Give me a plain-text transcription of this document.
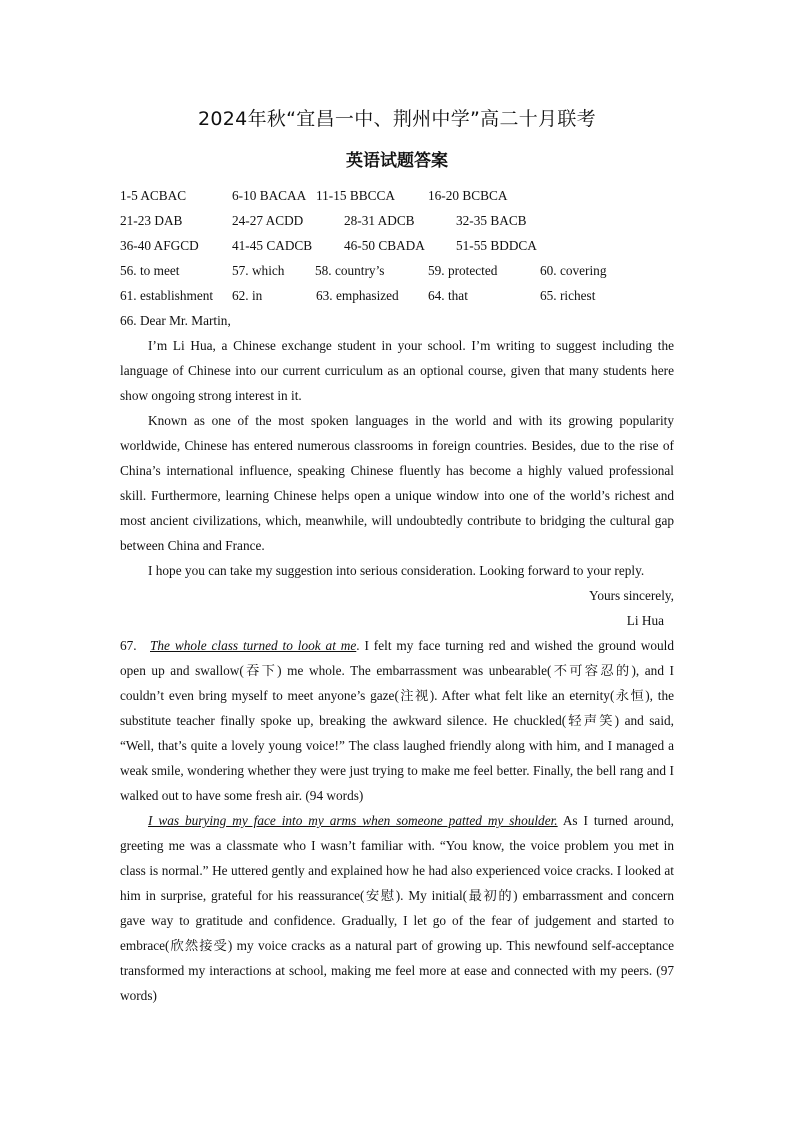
2024年秋“宜昌一中、荆州中学”高二十月联考
英语试题答案
1-5 ACBAC	6-10 BACAA 11-15 BBCCA 16-20 BCBCA
21-23 DAB	24-27 ACDD	28-31 ADCB	32-35 BACB
36-40 AFGCD	41-45 CADCB 46-50 CBADA 51-55 BDDCA
56. to meet	57. which 58. country’s	59. protected	60. covering
61. establishment 62. in	63. emphasized 64. that	65. richest

66. Dear Mr. Martin,

I’m Li Hua, a Chinese exchange student in your school. I’m writing to suggest including the language of Chinese into our current curriculum as an optional course, given that many students here show ongoing strong interest in it.

Known as one of the most spoken languages in the world and with its growing popularity worldwide, Chinese has entered numerous classrooms in foreign countries. Besides, due to the rise of China’s international influence, speaking Chinese fluently has become a highly valued professional skill. Furthermore, learning Chinese helps open a unique window into one of the world’s richest and most ancient civilizations, which, meanwhile, will undoubtedly contribute to bridging the cultural gap between China and France.

I hope you can take my suggestion into serious consideration. Looking forward to your reply.

Yours sincerely,

Li Hua

67. The whole class turned to look at me. I felt my face turning red and wished the ground would open up and swallow(吞下) me whole. The embarrassment was unbearable(不可容忍的), and I couldn’t even bring myself to meet anyone’s gaze(注视). After what felt like an eternity(永恒), the substitute teacher finally spoke up, breaking the awkward silence. He chuckled(轻声笑) and said, “Well, that’s quite a lovely young voice!” The class laughed friendly along with him, and I managed a weak smile, wondering whether they were just trying to make me feel better. Finally, the bell rang and I walked out to have some fresh air. (94 words)

I was burying my face into my arms when someone patted my shoulder. As I turned around, greeting me was a classmate who I wasn’t familiar with. “You know, the voice problem you met in class is normal.” He uttered gently and explained how he had also experienced voice cracks. I looked at him in surprise, grateful for his reassurance(安慰). My initial(最初的) embarrassment and concern gave way to gratitude and confidence. Gradually, I let go of the fear of judgement and started to embrace(欣然接受) my voice cracks as a natural part of growing up. This newfound self-acceptance transformed my interactions at school, making me feel more at ease and connected with my peers. (97 words)
